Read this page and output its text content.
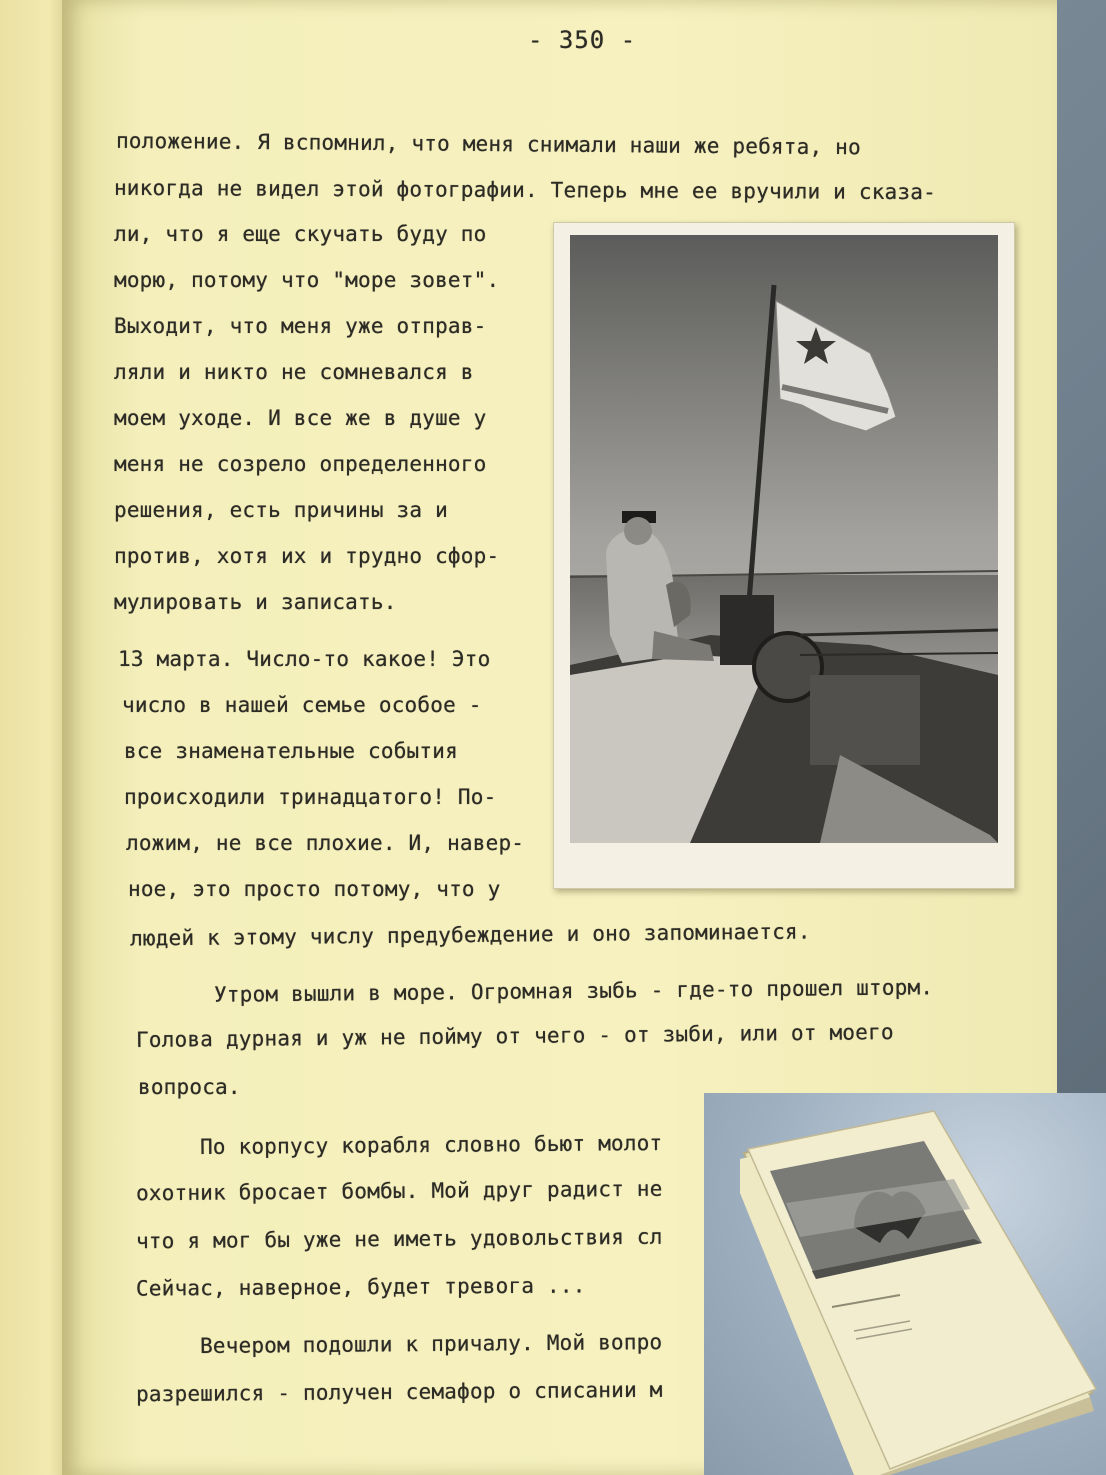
- 350 -

положение. Я вспомнил, что меня снимали наши же ребята, но

никогда не видел этой фотографии. Теперь мне ее вручили и сказа-

ли, что я еще скучать буду по

морю, потому что "море зовет".

Выходит, что меня уже отправ-

ляли и никто не сомневался в

моем уходе. И все же в душе у

меня не созрело определенного

решения, есть причины за и

против, хотя их и трудно сфор-

мулировать и записать.

13 марта. Число-то какое! Это

число в нашей семье особое -

все знаменательные события

происходили тринадцатого! По-

ложим, не все плохие. И, навер-

ное, это просто потому, что у

людей к этому числу предубеждение и оно запоминается.

Утром вышли в море. Огромная зыбь - где-то прошел шторм.

Голова дурная и уж не пойму от чего - от зыби, или от моего

вопроса.

По корпусу корабля словно бьют молот

охотник бросает бомбы. Мой друг радист не

что я мог бы уже не иметь удовольствия сл

Сейчас, наверное, будет тревога ...

Вечером подошли к причалу. Мой вопро

разрешился - получен семафор о списании м
